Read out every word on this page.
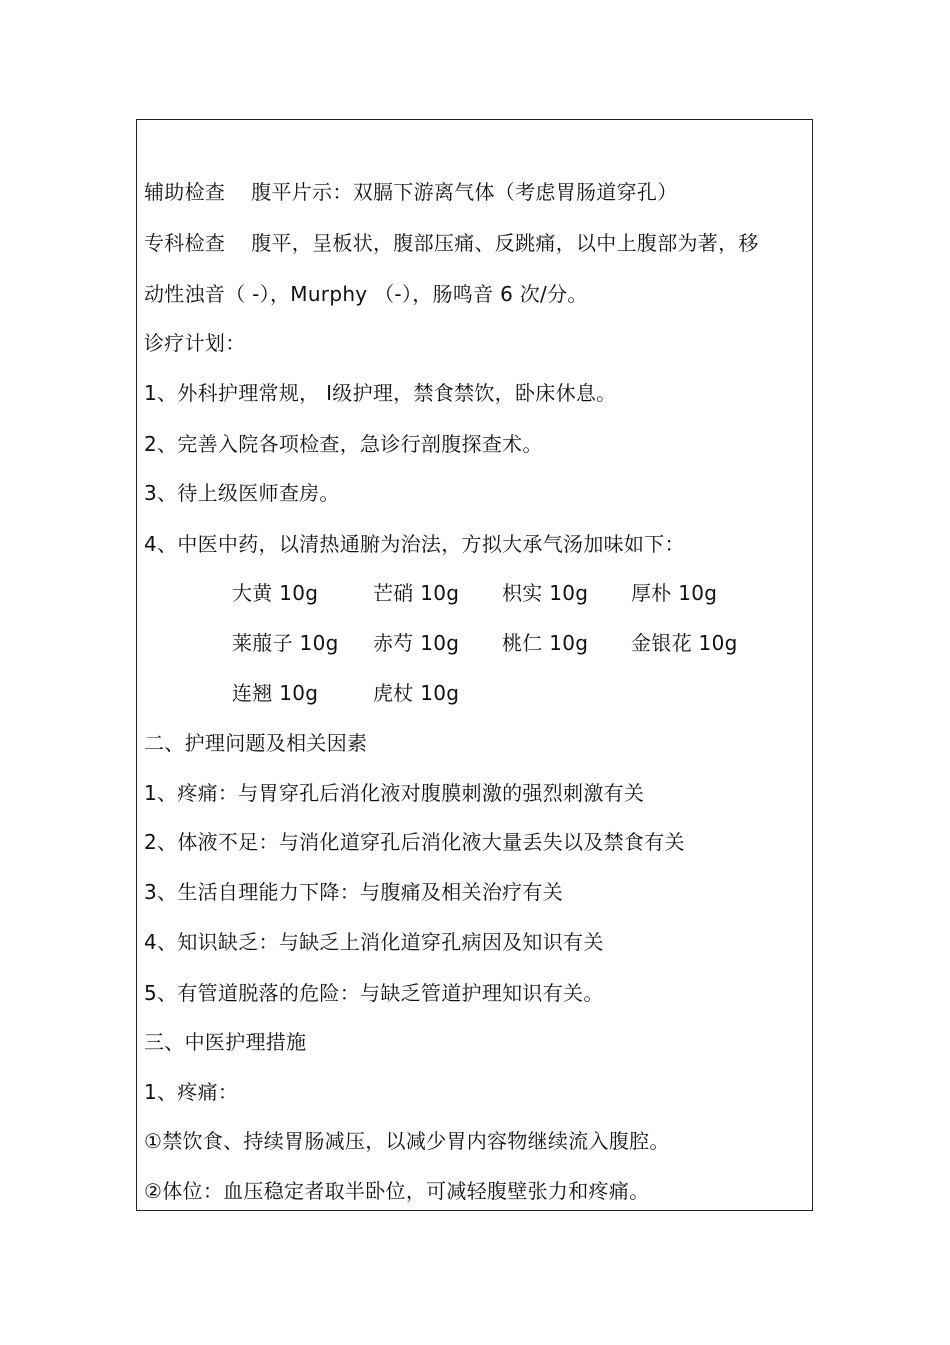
辅助检查 腹平片示：双膈下游离气体（考虑胃肠道穿孔）
专科检查 腹平，呈板状，腹部压痛、反跳痛，以中上腹部为著，移
动性浊音（ -），Murphy （-），肠鸣音 6 次/分。
诊疗计划：
1、外科护理常规， Ⅰ级护理，禁食禁饮，卧床休息。
2、完善入院各项检查，急诊行剖腹探查术。
3、待上级医师查房。
4、中医中药，以清热通腑为治法，方拟大承气汤加味如下：
大黄 10g	芒硝 10g 枳实 10g 厚朴 10g
莱菔子 10g 赤芍 10g 桃仁 10g 金银花 10g
连翘 10g	虎杖 10g
二、护理问题及相关因素
1、疼痛：与胃穿孔后消化液对腹膜刺激的强烈刺激有关
2、体液不足：与消化道穿孔后消化液大量丢失以及禁食有关
3、生活自理能力下降：与腹痛及相关治疗有关
4、知识缺乏：与缺乏上消化道穿孔病因及知识有关
5、有管道脱落的危险：与缺乏管道护理知识有关。
三、中医护理措施
1、疼痛：
①禁饮食、持续胃肠减压，以减少胃内容物继续流入腹腔。
②体位：血压稳定者取半卧位，可减轻腹壁张力和疼痛。
